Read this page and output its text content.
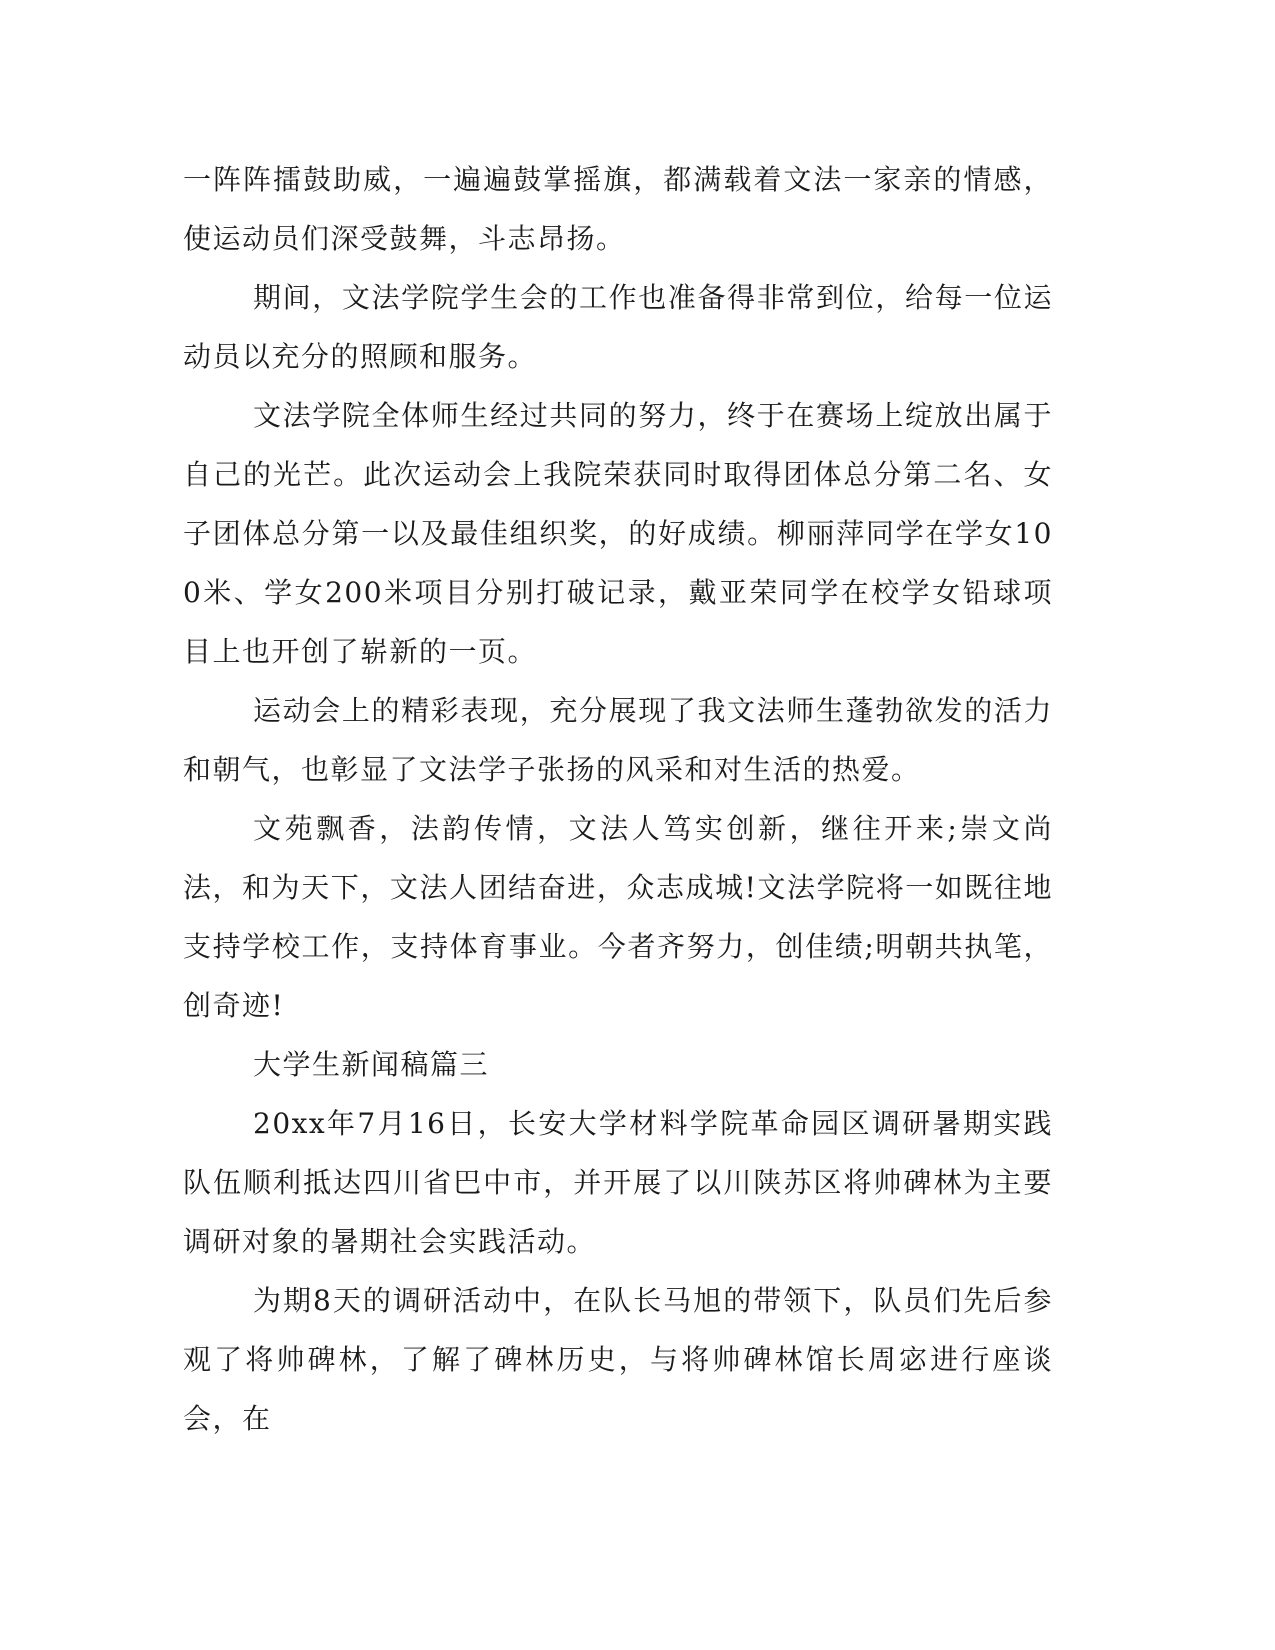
一阵阵擂鼓助威，一遍遍鼓掌摇旗，都满载着文法一家亲的情感，使运动员们深受鼓舞，斗志昂扬。

期间，文法学院学生会的工作也准备得非常到位，给每一位运动员以充分的照顾和服务。

文法学院全体师生经过共同的努力，终于在赛场上绽放出属于自己的光芒。此次运动会上我院荣获同时取得团体总分第二名、女子团体总分第一以及最佳组织奖，的好成绩。柳丽萍同学在学女100米、学女200米项目分别打破记录，戴亚荣同学在校学女铅球项目上也开创了崭新的一页。

运动会上的精彩表现，充分展现了我文法师生蓬勃欲发的活力和朝气，也彰显了文法学子张扬的风采和对生活的热爱。

文苑飘香，法韵传情，文法人笃实创新，继往开来;崇文尚法，和为天下，文法人团结奋进，众志成城!文法学院将一如既往地支持学校工作，支持体育事业。今者齐努力，创佳绩;明朝共执笔，创奇迹!

大学生新闻稿篇三

20xx年7月16日，长安大学材料学院革命园区调研暑期实践队伍顺利抵达四川省巴中市，并开展了以川陕苏区将帅碑林为主要调研对象的暑期社会实践活动。

为期8天的调研活动中，在队长马旭的带领下，队员们先后参观了将帅碑林，了解了碑林历史，与将帅碑林馆长周宓进行座谈会，在
